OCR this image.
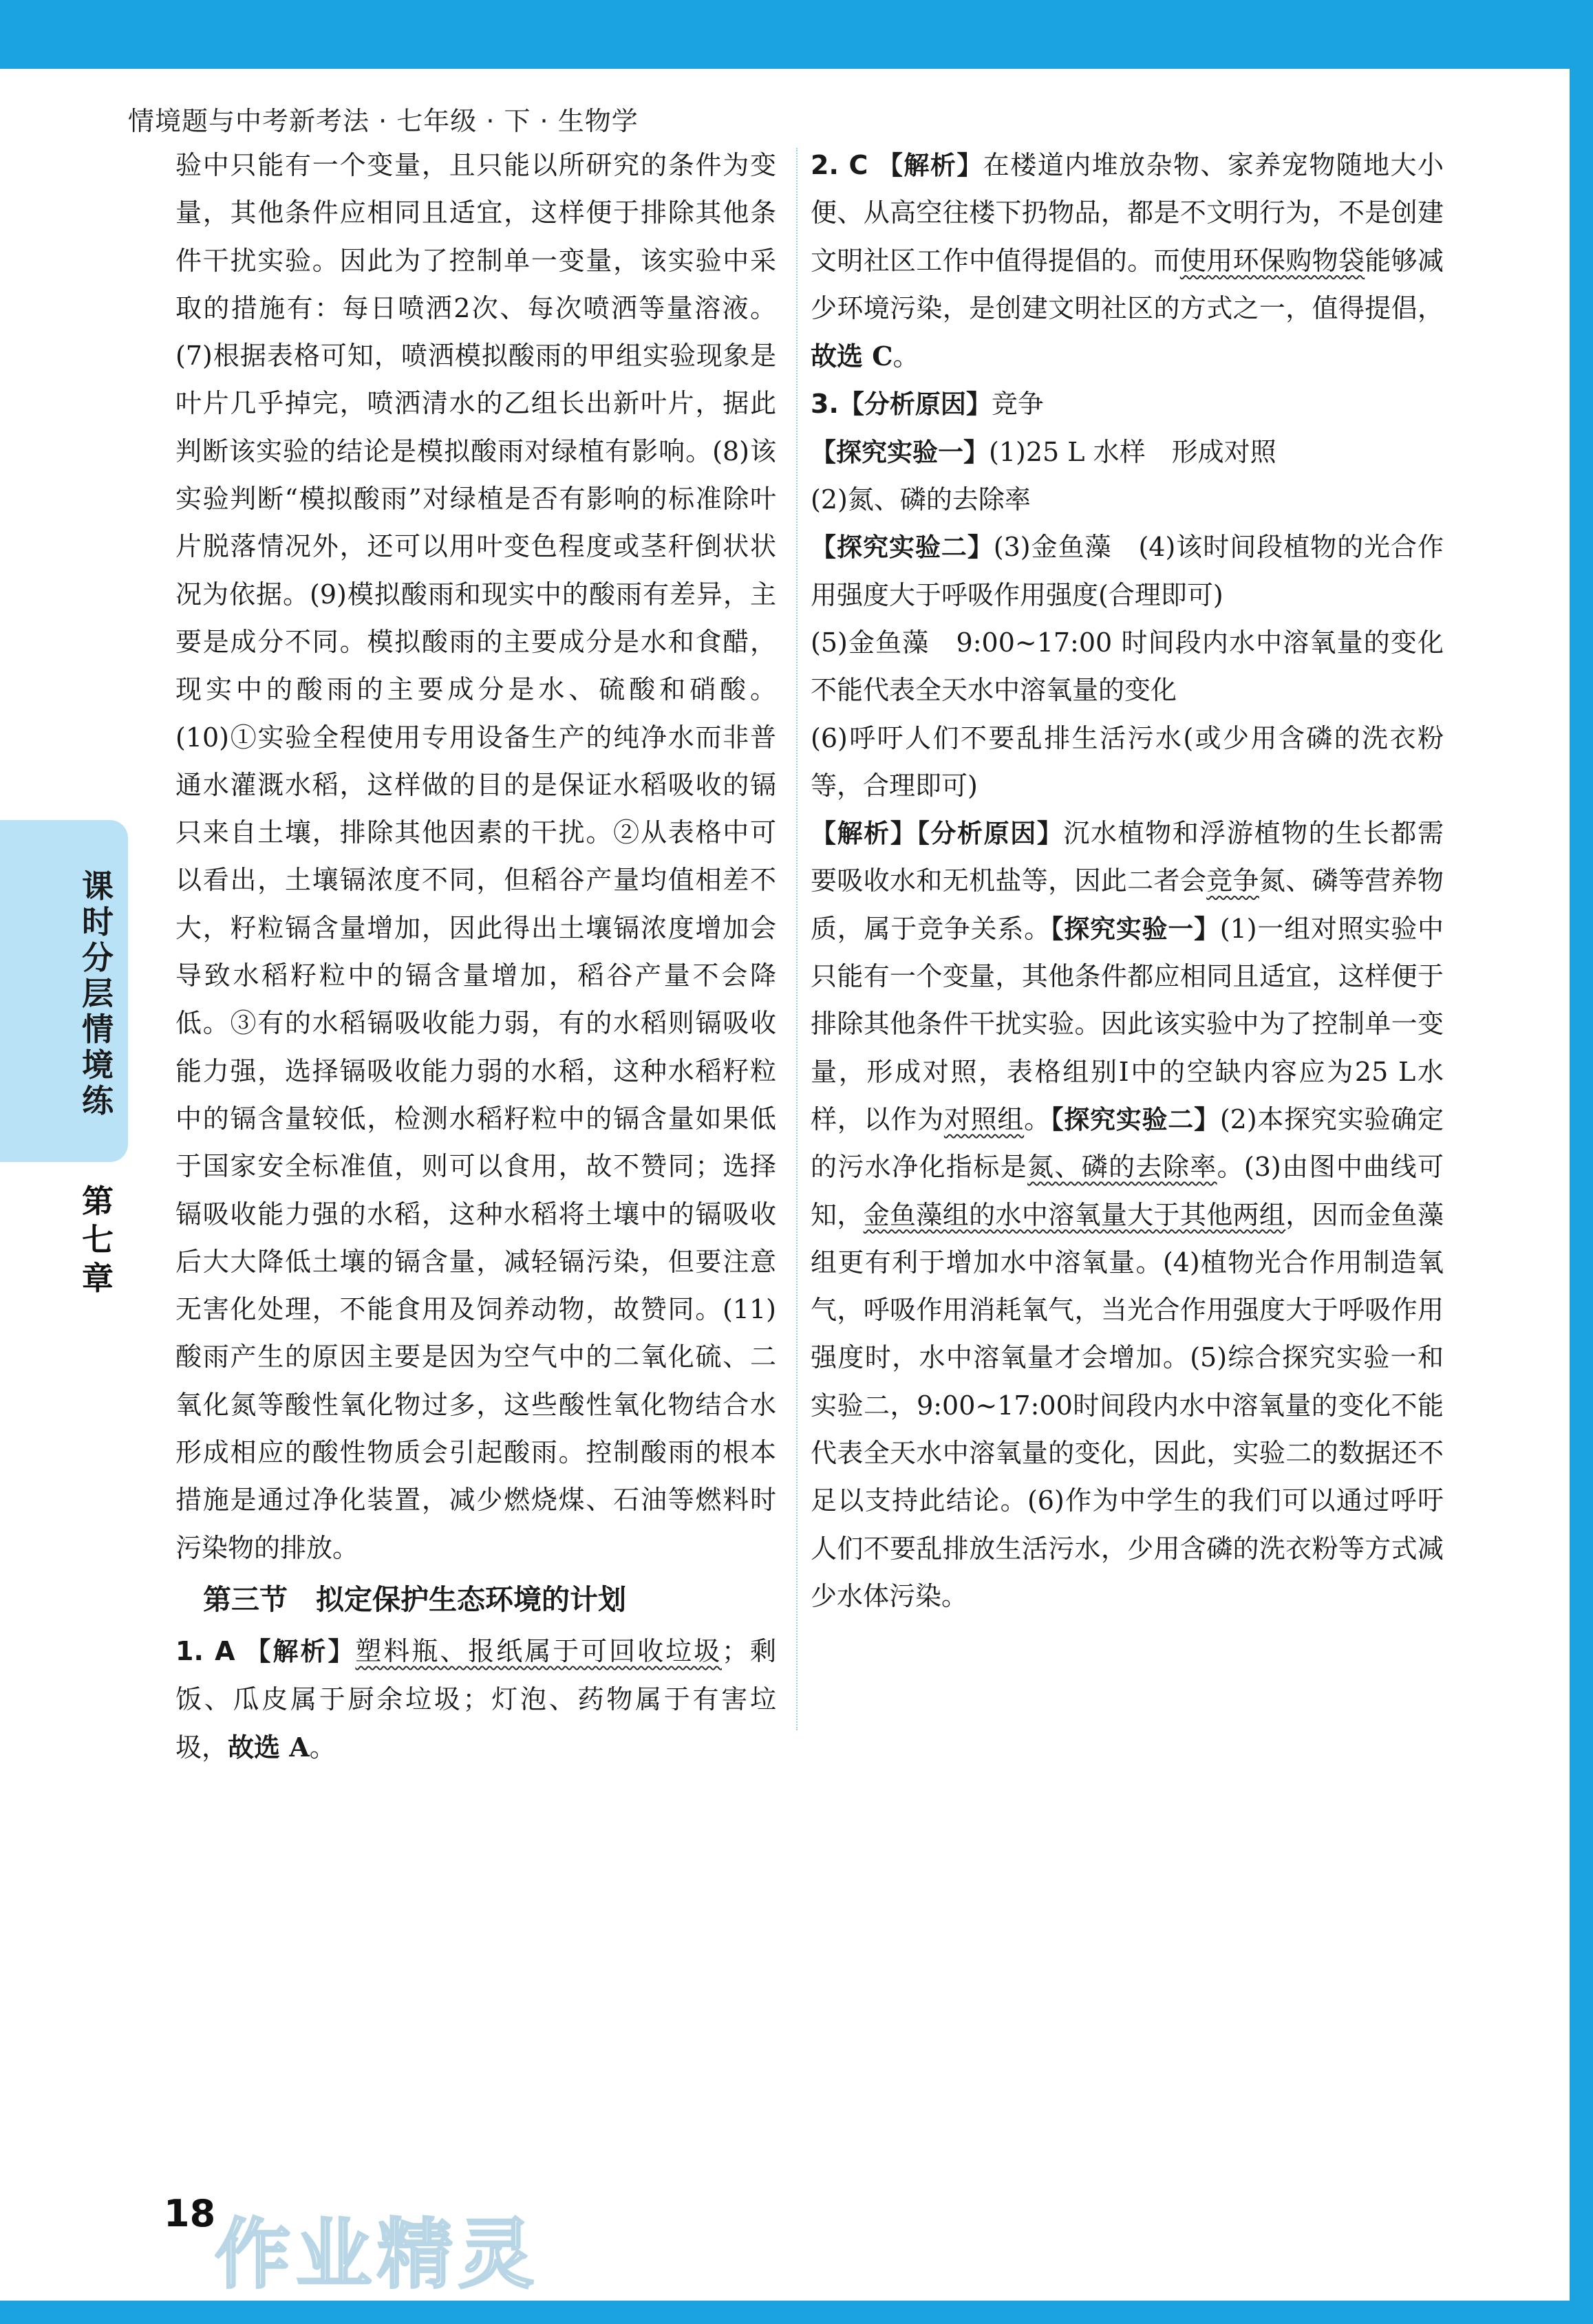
情境题与中考新考法 · 七年级 · 下 · 生物学

验中只能有一个变量，且只能以所研究的条件为变量，其他条件应相同且适宜，这样便于排除其他条件干扰实验。因此为了控制单一变量，该实验中采取的措施有：每日喷洒2次、每次喷洒等量溶液。(7)根据表格可知，喷洒模拟酸雨的甲组实验现象是叶片几乎掉完，喷洒清水的乙组长出新叶片，据此判断该实验的结论是模拟酸雨对绿植有影响。(8)该实验判断“模拟酸雨”对绿植是否有影响的标准除叶片脱落情况外，还可以用叶变色程度或茎秆倒状状况为依据。(9)模拟酸雨和现实中的酸雨有差异，主要是成分不同。模拟酸雨的主要成分是水和食醋，现实中的酸雨的主要成分是水、硫酸和硝酸。(10)①实验全程使用专用设备生产的纯净水而非普通水灌溉水稻，这样做的目的是保证水稻吸收的镉只来自土壤，排除其他因素的干扰。②从表格中可以看出，土壤镉浓度不同，但稻谷产量均值相差不大，籽粒镉含量增加，因此得出土壤镉浓度增加会导致水稻籽粒中的镉含量增加，稻谷产量不会降低。③有的水稻镉吸收能力弱，有的水稻则镉吸收能力强，选择镉吸收能力弱的水稻，这种水稻籽粒中的镉含量较低，检测水稻籽粒中的镉含量如果低于国家安全标准值，则可以食用，故不赞同；选择镉吸收能力强的水稻，这种水稻将土壤中的镉吸收后大大降低土壤的镉含量，减轻镉污染，但要注意无害化处理，不能食用及饲养动物，故赞同。(11)酸雨产生的原因主要是因为空气中的二氧化硫、二氧化氮等酸性氧化物过多，这些酸性氧化物结合水形成相应的酸性物质会引起酸雨。控制酸雨的根本措施是通过净化装置，减少燃烧煤、石油等燃料时污染物的排放。

第三节　拟定保护生态环境的计划

1. A 【解析】塑料瓶、报纸属于可回收垃圾；剩饭、瓜皮属于厨余垃圾；灯泡、药物属于有害垃圾，故选 A。

2. C 【解析】在楼道内堆放杂物、家养宠物随地大小便、从高空往楼下扔物品，都是不文明行为，不是创建文明社区工作中值得提倡的。而使用环保购物袋能够减少环境污染，是创建文明社区的方式之一，值得提倡，故选 C。

3.【分析原因】竞争

【探究实验一】(1)25 L 水样　形成对照

(2)氮、磷的去除率

【探究实验二】(3)金鱼藻　(4)该时间段植物的光合作用强度大于呼吸作用强度(合理即可)

(5)金鱼藻　9:00~17:00 时间段内水中溶氧量的变化不能代表全天水中溶氧量的变化

(6)呼吁人们不要乱排生活污水(或少用含磷的洗衣粉等，合理即可)

【解析】【分析原因】沉水植物和浮游植物的生长都需要吸收水和无机盐等，因此二者会竞争氮、磷等营养物质，属于竞争关系。【探究实验一】(1)一组对照实验中只能有一个变量，其他条件都应相同且适宜，这样便于排除其他条件干扰实验。因此该实验中为了控制单一变量，形成对照，表格组别Ⅰ中的空缺内容应为25 L水样，以作为对照组。【探究实验二】(2)本探究实验确定的污水净化指标是氮、磷的去除率。(3)由图中曲线可知，金鱼藻组的水中溶氧量大于其他两组，因而金鱼藻组更有利于增加水中溶氧量。(4)植物光合作用制造氧气，呼吸作用消耗氧气，当光合作用强度大于呼吸作用强度时，水中溶氧量才会增加。(5)综合探究实验一和实验二，9:00~17:00时间段内水中溶氧量的变化不能代表全天水中溶氧量的变化，因此，实验二的数据还不足以支持此结论。(6)作为中学生的我们可以通过呼吁人们不要乱排放生活污水，少用含磷的洗衣粉等方式减少水体污染。

课时分层情境练
第七章
18
作业精灵
